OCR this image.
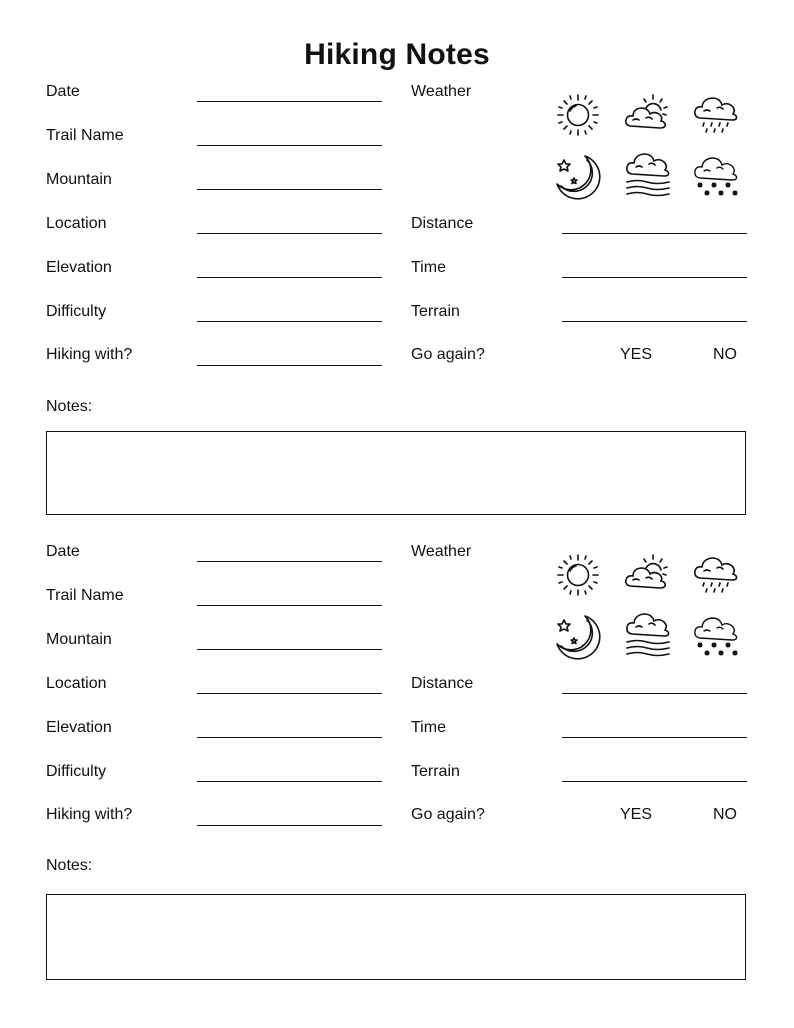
Hiking Notes
Date
Trail Name
Mountain
Location
Elevation
Difficulty
Hiking with?
Weather
Distance
Time
Terrain
Go again?	YES	NO
Notes:
Date
Trail Name
Mountain
Location
Elevation
Difficulty
Hiking with?
Weather
Distance
Time
Terrain
Go again?	YES	NO
Notes:
